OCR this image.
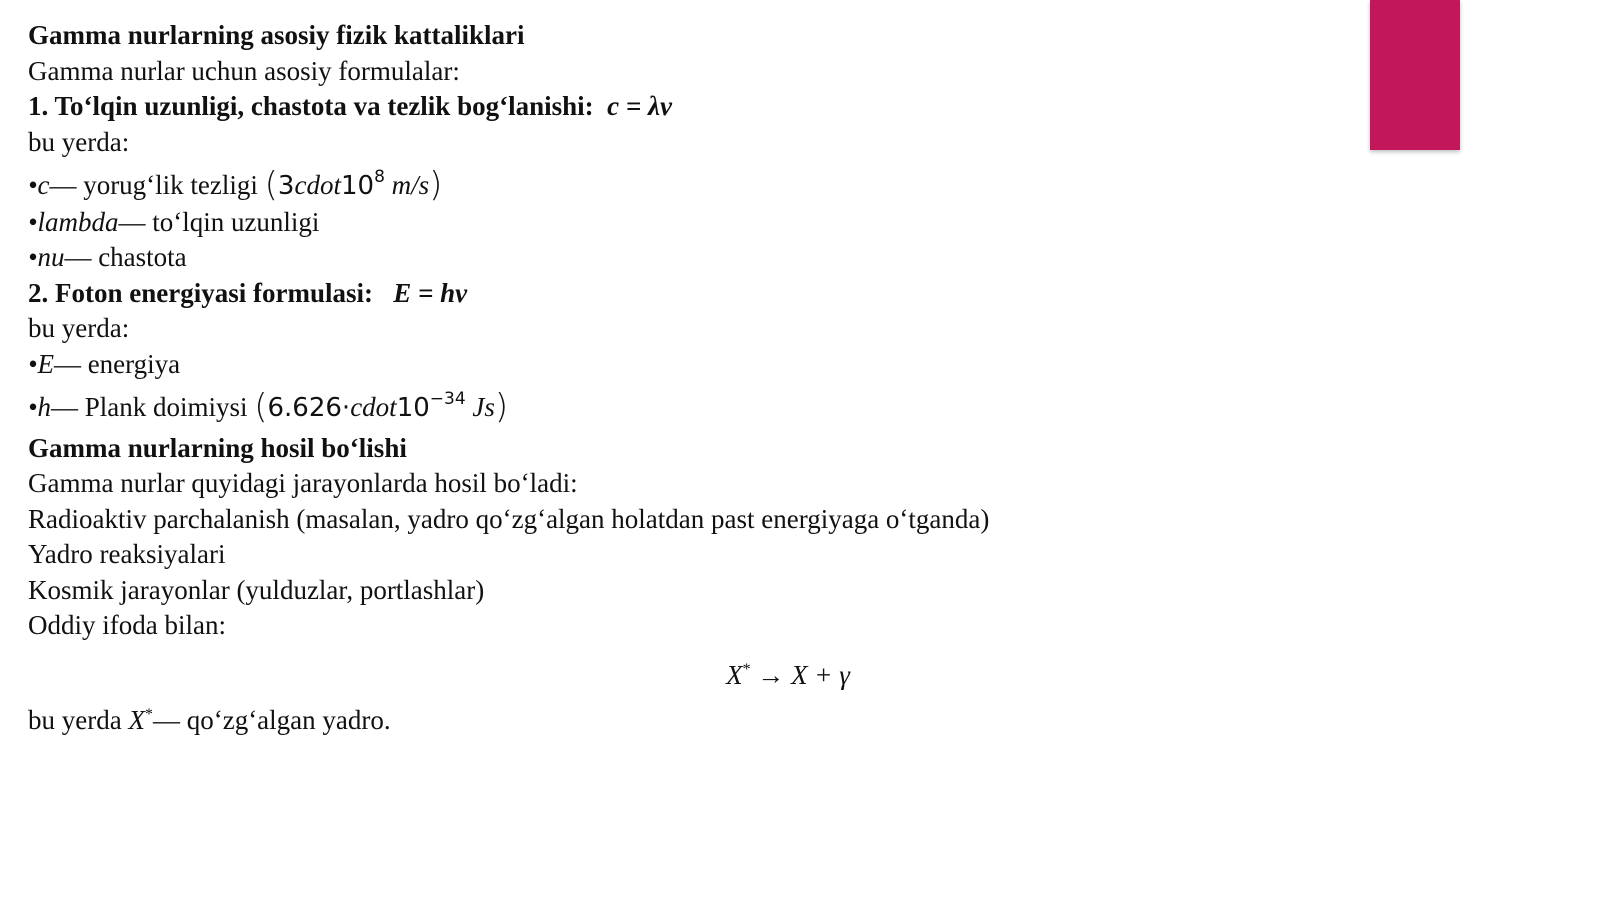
Gamma nurlarning asosiy fizik kattaliklari
Gamma nurlar uchun asosiy formulalar:
1. To‘lqin uzunligi, chastota va tezlik bog‘lanishi: c = λν
bu yerda:
•c— yorug‘lik tezligi ($3cdot10^8$ m/s)
•lambda— to‘lqin uzunligi
•nu— chastota
2. Foton energiyasi formulasi: E = hν
bu yerda:
•E— energiya
•h— Plank doimiysi ($6.626\cdot cdot10^{-34}$ Js)
Gamma nurlarning hosil bo‘lishi
Gamma nurlar quyidagi jarayonlarda hosil bo‘ladi:
Radioaktiv parchalanish (masalan, yadro qo‘zg‘algan holatdan past energiyaga o‘tganda)
Yadro reaksiyalari
Kosmik jarayonlar (yulduzlar, portlashlar)
Oddiy ifoda bilan:
X* → X + γ
bu yerda X*— qo‘zg‘algan yadro.
